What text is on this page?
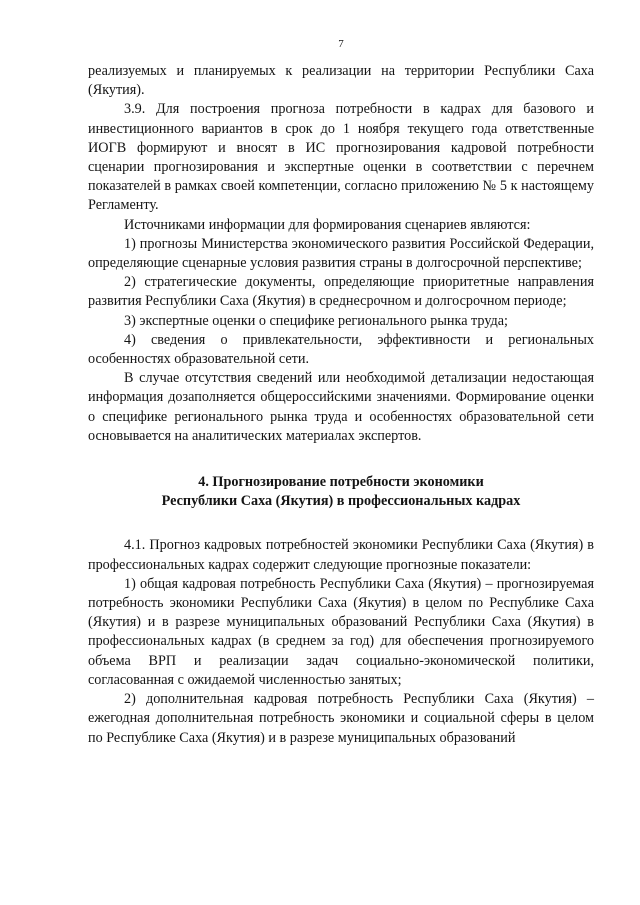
7

реализуемых и планируемых к реализации на территории Республики Саха (Якутия).

3.9. Для построения прогноза потребности в кадрах для базового и инвестиционного вариантов в срок до 1 ноября текущего года ответственные ИОГВ формируют и вносят в ИС прогнозирования кадровой потребности сценарии прогнозирования и экспертные оценки в соответствии с перечнем показателей в рамках своей компетенции, согласно приложению № 5 к настоящему Регламенту.

Источниками информации для формирования сценариев являются:

1) прогнозы Министерства экономического развития Российской Федерации, определяющие сценарные условия развития страны в долгосрочной перспективе;

2) стратегические документы, определяющие приоритетные направления развития Республики Саха (Якутия) в среднесрочном и долгосрочном периоде;

3) экспертные оценки о специфике регионального рынка труда;

4) сведения о привлекательности, эффективности и региональных особенностях образовательной сети.

В случае отсутствия сведений или необходимой детализации недостающая информация дозаполняется общероссийскими значениями. Формирование оценки о специфике регионального рынка труда и особенностях образовательной сети основывается на аналитических материалах экспертов.

4. Прогнозирование потребности экономики
Республики Саха (Якутия) в профессиональных кадрах

4.1. Прогноз кадровых потребностей экономики Республики Саха (Якутия) в профессиональных кадрах содержит следующие прогнозные показатели:

1) общая кадровая потребность Республики Саха (Якутия) – прогнозируемая потребность экономики Республики Саха (Якутия) в целом по Республике Саха (Якутия) и в разрезе муниципальных образований Республики Саха (Якутия) в профессиональных кадрах (в среднем за год) для обеспечения прогнозируемого объема ВРП и реализации задач социально-экономической политики, согласованная с ожидаемой численностью занятых;

2) дополнительная кадровая потребность Республики Саха (Якутия) – ежегодная дополнительная потребность экономики и социальной сферы в целом по Республике Саха (Якутия) и в разрезе муниципальных образований
